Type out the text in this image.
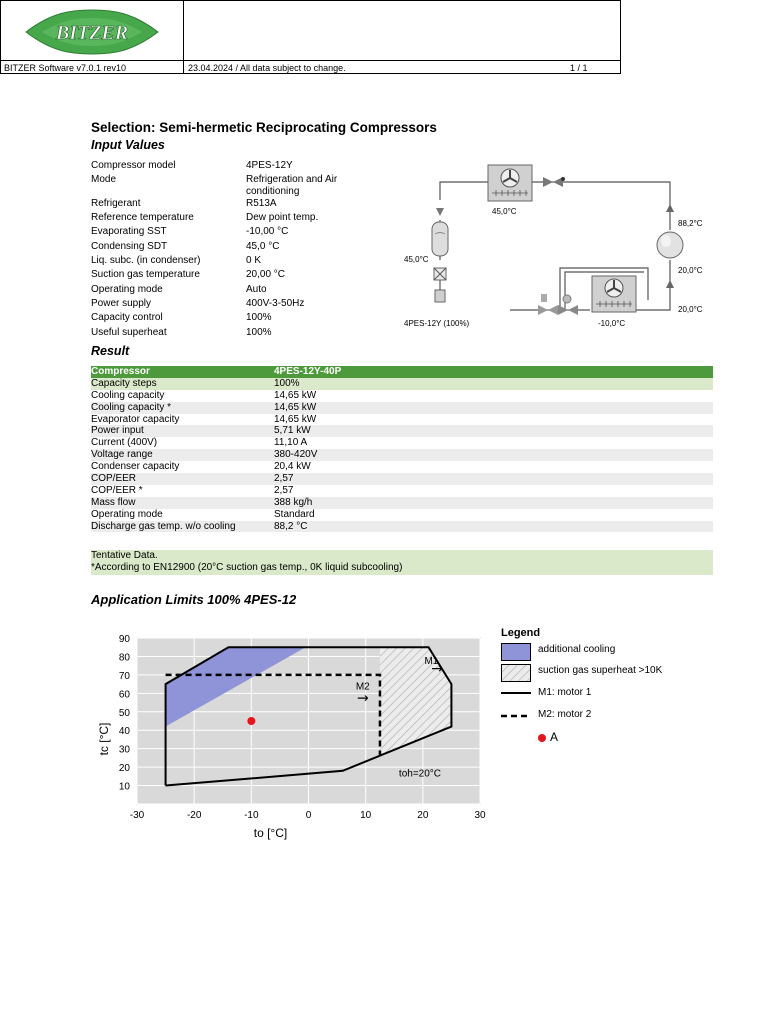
BITZER
BITZER Software v7.0.1 rev10	23.04.2024 / All data subject to change.	1 / 1
Selection: Semi-hermetic Reciprocating Compressors
Input Values
Compressor model	4PES-12Y
Mode	Refrigeration and Air conditioning
Refrigerant	R513A
Reference temperature	Dew point temp.
Evaporating SST	-10,00 °C
Condensing SDT	45,0 °C
Liq. subc. (in condenser)	0 K
Suction gas temperature	20,00 °C
Operating mode	Auto
Power supply	400V-3-50Hz
Capacity control	100%
Useful superheat	100%
45,0°C
88,2°C
45,0°C
20,0°C
20,0°C
-10,0°C
4PES-12Y (100%)
Result
Compressor	4PES-12Y-40P
Capacity steps	100%
Cooling capacity	14,65 kW
Cooling capacity *	14,65 kW
Evaporator capacity	14,65 kW
Power input	5,71 kW
Current (400V)	11,10 A
Voltage range	380-420V
Condenser capacity	20,4 kW
COP/EER	2,57
COP/EER *	2,57
Mass flow	388 kg/h
Operating mode	Standard
Discharge gas temp. w/o cooling	88,2 °C
Tentative Data.
*According to EN12900 (20°C suction gas temp., 0K liquid subcooling)
Application Limits 100% 4PES-12
-30	-20	-10	0	10	20	30
10
20
30
40
50
60
70
80
90
M1
M2
toh=20°C
→
→
to [°C]
tc [°C]
Legend
additional cooling
suction gas superheat >10K
M1: motor 1
M2: motor 2
A
